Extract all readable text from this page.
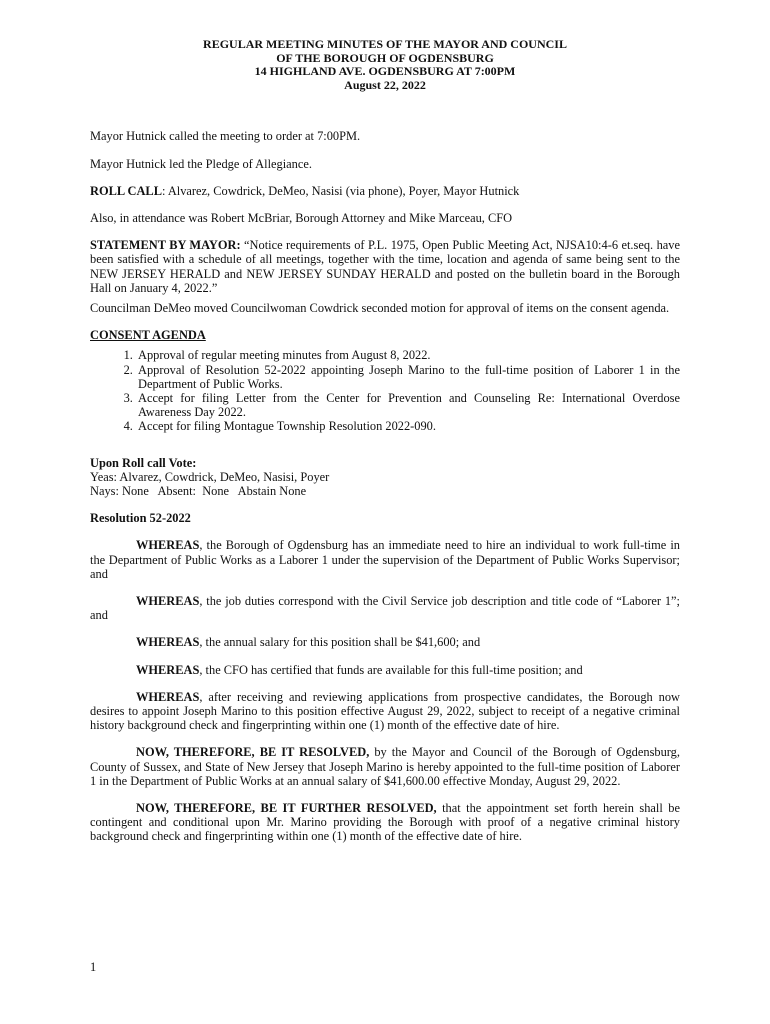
REGULAR MEETING MINUTES OF THE MAYOR AND COUNCIL
OF THE BOROUGH OF OGDENSBURG
14 HIGHLAND AVE. OGDENSBURG AT 7:00PM
August 22, 2022

Mayor Hutnick called the meeting to order at 7:00PM.

Mayor Hutnick led the Pledge of Allegiance.

ROLL CALL: Alvarez, Cowdrick, DeMeo, Nasisi (via phone), Poyer, Mayor Hutnick

Also, in attendance was Robert McBriar, Borough Attorney and Mike Marceau, CFO

STATEMENT BY MAYOR: “Notice requirements of P.L. 1975, Open Public Meeting Act, NJSA10:4-6 et.seq. have been satisfied with a schedule of all meetings, together with the time, location and agenda of same being sent to the NEW JERSEY HERALD and NEW JERSEY SUNDAY HERALD and posted on the bulletin board in the Borough Hall on January 4, 2022.”

Councilman DeMeo moved Councilwoman Cowdrick seconded motion for approval of items on the consent agenda.

CONSENT AGENDA

1. Approval of regular meeting minutes from August 8, 2022.
2. Approval of Resolution 52-2022 appointing Joseph Marino to the full-time position of Laborer 1 in the Department of Public Works.
3. Accept for filing Letter from the Center for Prevention and Counseling Re: International Overdose Awareness Day 2022.
4. Accept for filing Montague Township Resolution 2022-090.

Upon Roll call Vote:

Yeas: Alvarez, Cowdrick, DeMeo, Nasisi, Poyer

Nays: None   Absent:  None   Abstain None

Resolution 52-2022

WHEREAS, the Borough of Ogdensburg has an immediate need to hire an individual to work full-time in the Department of Public Works as a Laborer 1 under the supervision of the Department of Public Works Supervisor; and

WHEREAS, the job duties correspond with the Civil Service job description and title code of “Laborer 1”; and

WHEREAS, the annual salary for this position shall be $41,600; and

WHEREAS, the CFO has certified that funds are available for this full-time position; and

WHEREAS, after receiving and reviewing applications from prospective candidates, the Borough now desires to appoint Joseph Marino to this position effective August 29, 2022, subject to receipt of a negative criminal history background check and fingerprinting within one (1) month of the effective date of hire.

NOW, THEREFORE, BE IT RESOLVED, by the Mayor and Council of the Borough of Ogdensburg, County of Sussex, and State of New Jersey that Joseph Marino is hereby appointed to the full-time position of Laborer 1 in the Department of Public Works at an annual salary of $41,600.00 effective Monday, August 29, 2022.

NOW, THEREFORE, BE IT FURTHER RESOLVED, that the appointment set forth herein shall be contingent and conditional upon Mr. Marino providing the Borough with proof of a negative criminal history background check and fingerprinting within one (1) month of the effective date of hire.

1
